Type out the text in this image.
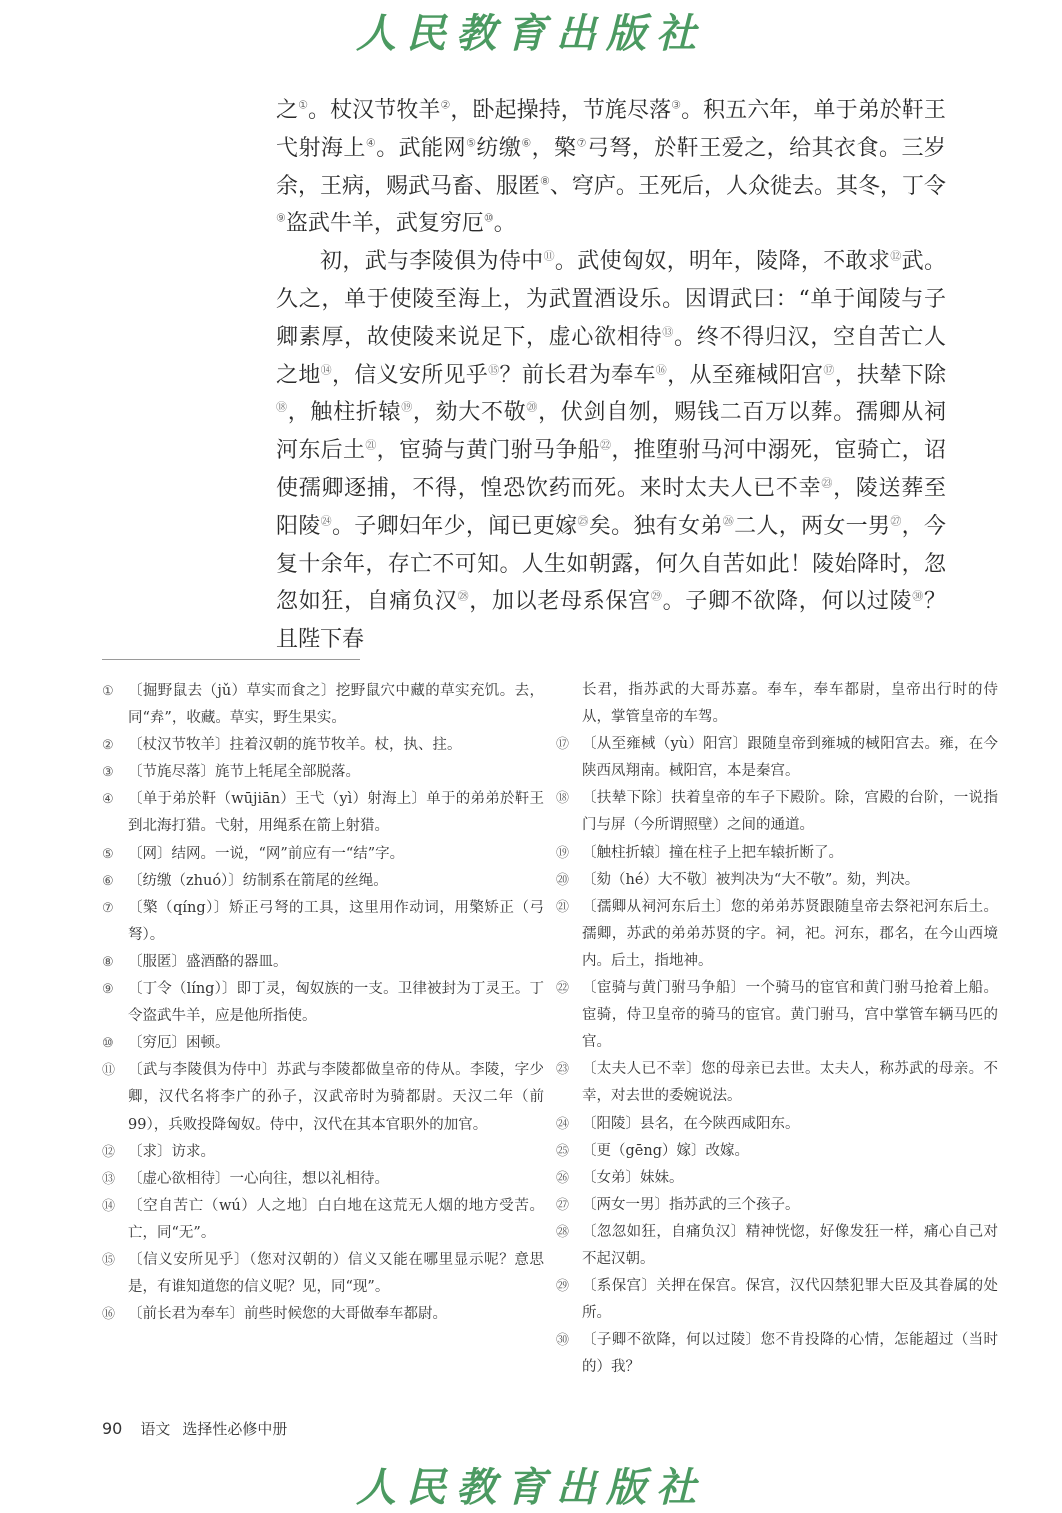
人民教育出版社

之①。杖汉节牧羊②，卧起操持，节旄尽落③。积五六年，单于弟於靬王弋射海上④。武能网⑤纺缴⑥，檠⑦弓弩，於靬王爱之，给其衣食。三岁余，王病，赐武马畜、服匿⑧、穹庐。王死后，人众徙去。其冬，丁令⑨盗武牛羊，武复穷厄⑩。

初，武与李陵俱为侍中⑪。武使匈奴，明年，陵降，不敢求⑫武。久之，单于使陵至海上，为武置酒设乐。因谓武曰：“单于闻陵与子卿素厚，故使陵来说足下，虚心欲相待⑬。终不得归汉，空自苦亡人之地⑭，信义安所见乎⑮？前长君为奉车⑯，从至雍棫阳宫⑰，扶辇下除⑱，触柱折辕⑲，劾大不敬⑳，伏剑自刎，赐钱二百万以葬。孺卿从祠河东后土$^㉑$，宦骑与黄门驸马争船$^㉒$，推堕驸马河中溺死，宦骑亡，诏使孺卿逐捕，不得，惶恐饮药而死。来时太夫人已不幸$^㉓$，陵送葬至阳陵$^㉔$。子卿妇年少，闻已更嫁$^㉕$矣。独有女弟$^㉖$二人，两女一男$^㉗$，今复十余年，存亡不可知。人生如朝露，何久自苦如此！陵始降时，忽忽如狂，自痛负汉$^㉘$，加以老母系保宫$^㉙$。子卿不欲降，何以过陵$^㉚$？且陛下春

① 〔掘野鼠去（jǔ）草实而食之〕挖野鼠穴中藏的草实充饥。去，同“弆”，收藏。草实，野生果实。
② 〔杖汉节牧羊〕拄着汉朝的旄节牧羊。杖，执、拄。
③ 〔节旄尽落〕旄节上牦尾全部脱落。
④ 〔单于弟於靬（wūjiān）王弋（yì）射海上〕单于的弟弟於靬王到北海打猎。弋射，用绳系在箭上射猎。
⑤ 〔网〕结网。一说，“网”前应有一“结”字。
⑥ 〔纺缴（zhuó）〕纺制系在箭尾的丝绳。
⑦ 〔檠（qíng）〕矫正弓弩的工具，这里用作动词，用檠矫正（弓弩）。
⑧ 〔服匿〕盛酒酪的器皿。
⑨ 〔丁令（líng）〕即丁灵，匈奴族的一支。卫律被封为丁灵王。丁令盗武牛羊，应是他所指使。
⑩ 〔穷厄〕困顿。
⑪ 〔武与李陵俱为侍中〕苏武与李陵都做皇帝的侍从。李陵，字少卿，汉代名将李广的孙子，汉武帝时为骑都尉。天汉二年（前99），兵败投降匈奴。侍中，汉代在其本官职外的加官。
⑫ 〔求〕访求。
⑬ 〔虚心欲相待〕一心向往，想以礼相待。
⑭ 〔空自苦亡（wú）人之地〕白白地在这荒无人烟的地方受苦。亡，同“无”。
⑮ 〔信义安所见乎〕（您对汉朝的）信义又能在哪里显示呢？意思是，有谁知道您的信义呢？见，同“现”。
⑯ 〔前长君为奉车〕前些时候您的大哥做奉车都尉。
长君，指苏武的大哥苏嘉。奉车，奉车都尉，皇帝出行时的侍从，掌管皇帝的车驾。
⑰ 〔从至雍棫（yù）阳宫〕跟随皇帝到雍城的棫阳宫去。雍，在今陕西凤翔南。棫阳宫，本是秦宫。
⑱ 〔扶辇下除〕扶着皇帝的车子下殿阶。除，宫殿的台阶，一说指门与屏（今所谓照壁）之间的通道。
⑲ 〔触柱折辕〕撞在柱子上把车辕折断了。
⑳ 〔劾（hé）大不敬〕被判决为“大不敬”。劾，判决。
㉑ 〔孺卿从祠河东后土〕您的弟弟苏贤跟随皇帝去祭祀河东后土。孺卿，苏武的弟弟苏贤的字。祠，祀。河东，郡名，在今山西境内。后土，指地神。
㉒ 〔宦骑与黄门驸马争船〕一个骑马的宦官和黄门驸马抢着上船。宦骑，侍卫皇帝的骑马的宦官。黄门驸马，宫中掌管车辆马匹的官。
㉓ 〔太夫人已不幸〕您的母亲已去世。太夫人，称苏武的母亲。不幸，对去世的委婉说法。
㉔ 〔阳陵〕县名，在今陕西咸阳东。
㉕ 〔更（gēng）嫁〕改嫁。
㉖ 〔女弟〕妹妹。
㉗ 〔两女一男〕指苏武的三个孩子。
㉘ 〔忽忽如狂，自痛负汉〕精神恍惚，好像发狂一样，痛心自己对不起汉朝。
㉙ 〔系保宫〕关押在保宫。保宫，汉代囚禁犯罪大臣及其眷属的处所。
㉚ 〔子卿不欲降，何以过陵〕您不肯投降的心情，怎能超过（当时的）我？
90 语文 选择性必修中册
人民教育出版社
